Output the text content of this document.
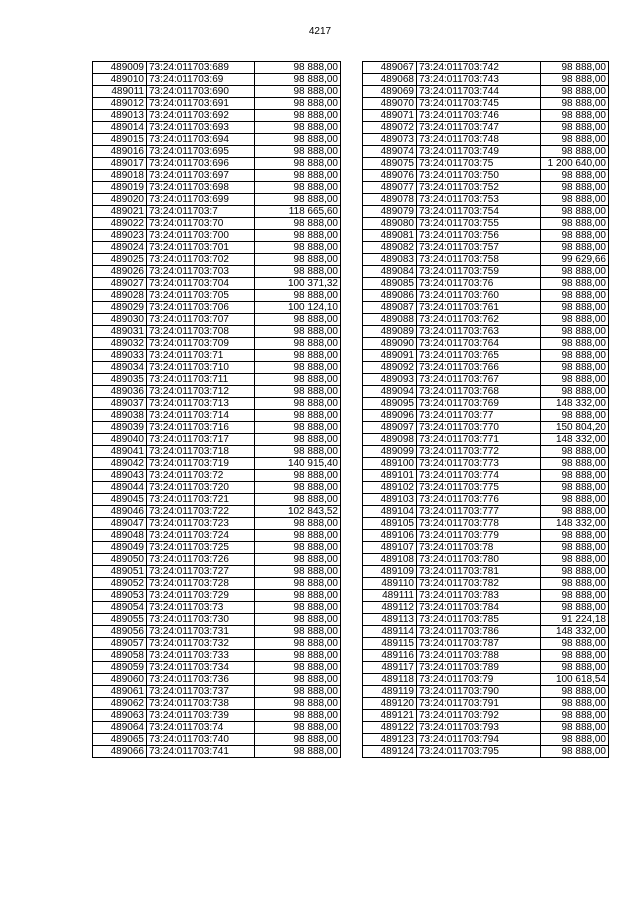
4217
489009	73:24:011703:689	98 888,00
489010	73:24:011703:69	98 888,00
489011	73:24:011703:690	98 888,00
489012	73:24:011703:691	98 888,00
489013	73:24:011703:692	98 888,00
489014	73:24:011703:693	98 888,00
489015	73:24:011703:694	98 888,00
489016	73:24:011703:695	98 888,00
489017	73:24:011703:696	98 888,00
489018	73:24:011703:697	98 888,00
489019	73:24:011703:698	98 888,00
489020	73:24:011703:699	98 888,00
489021	73:24:011703:7	118 665,60
489022	73:24:011703:70	98 888,00
489023	73:24:011703:700	98 888,00
489024	73:24:011703:701	98 888,00
489025	73:24:011703:702	98 888,00
489026	73:24:011703:703	98 888,00
489027	73:24:011703:704	100 371,32
489028	73:24:011703:705	98 888,00
489029	73:24:011703:706	100 124,10
489030	73:24:011703:707	98 888,00
489031	73:24:011703:708	98 888,00
489032	73:24:011703:709	98 888,00
489033	73:24:011703:71	98 888,00
489034	73:24:011703:710	98 888,00
489035	73:24:011703:711	98 888,00
489036	73:24:011703:712	98 888,00
489037	73:24:011703:713	98 888,00
489038	73:24:011703:714	98 888,00
489039	73:24:011703:716	98 888,00
489040	73:24:011703:717	98 888,00
489041	73:24:011703:718	98 888,00
489042	73:24:011703:719	140 915,40
489043	73:24:011703:72	98 888,00
489044	73:24:011703:720	98 888,00
489045	73:24:011703:721	98 888,00
489046	73:24:011703:722	102 843,52
489047	73:24:011703:723	98 888,00
489048	73:24:011703:724	98 888,00
489049	73:24:011703:725	98 888,00
489050	73:24:011703:726	98 888,00
489051	73:24:011703:727	98 888,00
489052	73:24:011703:728	98 888,00
489053	73:24:011703:729	98 888,00
489054	73:24:011703:73	98 888,00
489055	73:24:011703:730	98 888,00
489056	73:24:011703:731	98 888,00
489057	73:24:011703:732	98 888,00
489058	73:24:011703:733	98 888,00
489059	73:24:011703:734	98 888,00
489060	73:24:011703:736	98 888,00
489061	73:24:011703:737	98 888,00
489062	73:24:011703:738	98 888,00
489063	73:24:011703:739	98 888,00
489064	73:24:011703:74	98 888,00
489065	73:24:011703:740	98 888,00
489066	73:24:011703:741	98 888,00
489067	73:24:011703:742	98 888,00
489068	73:24:011703:743	98 888,00
489069	73:24:011703:744	98 888,00
489070	73:24:011703:745	98 888,00
489071	73:24:011703:746	98 888,00
489072	73:24:011703:747	98 888,00
489073	73:24:011703:748	98 888,00
489074	73:24:011703:749	98 888,00
489075	73:24:011703:75	1 200 640,00
489076	73:24:011703:750	98 888,00
489077	73:24:011703:752	98 888,00
489078	73:24:011703:753	98 888,00
489079	73:24:011703:754	98 888,00
489080	73:24:011703:755	98 888,00
489081	73:24:011703:756	98 888,00
489082	73:24:011703:757	98 888,00
489083	73:24:011703:758	99 629,66
489084	73:24:011703:759	98 888,00
489085	73:24:011703:76	98 888,00
489086	73:24:011703:760	98 888,00
489087	73:24:011703:761	98 888,00
489088	73:24:011703:762	98 888,00
489089	73:24:011703:763	98 888,00
489090	73:24:011703:764	98 888,00
489091	73:24:011703:765	98 888,00
489092	73:24:011703:766	98 888,00
489093	73:24:011703:767	98 888,00
489094	73:24:011703:768	98 888,00
489095	73:24:011703:769	148 332,00
489096	73:24:011703:77	98 888,00
489097	73:24:011703:770	150 804,20
489098	73:24:011703:771	148 332,00
489099	73:24:011703:772	98 888,00
489100	73:24:011703:773	98 888,00
489101	73:24:011703:774	98 888,00
489102	73:24:011703:775	98 888,00
489103	73:24:011703:776	98 888,00
489104	73:24:011703:777	98 888,00
489105	73:24:011703:778	148 332,00
489106	73:24:011703:779	98 888,00
489107	73:24:011703:78	98 888,00
489108	73:24:011703:780	98 888,00
489109	73:24:011703:781	98 888,00
489110	73:24:011703:782	98 888,00
489111	73:24:011703:783	98 888,00
489112	73:24:011703:784	98 888,00
489113	73:24:011703:785	91 224,18
489114	73:24:011703:786	148 332,00
489115	73:24:011703:787	98 888,00
489116	73:24:011703:788	98 888,00
489117	73:24:011703:789	98 888,00
489118	73:24:011703:79	100 618,54
489119	73:24:011703:790	98 888,00
489120	73:24:011703:791	98 888,00
489121	73:24:011703:792	98 888,00
489122	73:24:011703:793	98 888,00
489123	73:24:011703:794	98 888,00
489124	73:24:011703:795	98 888,00
